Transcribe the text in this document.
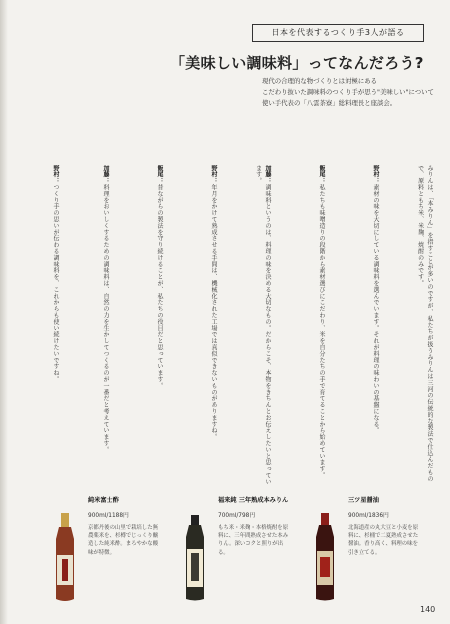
日本を代表するつくり手3人が語る
「美味しい調味料」ってなんだろう?
現代の合理的な物づくりとは対極にある
こだわり抜いた調味料のつくり手が思う"美味しい"について
使い手代表の「八雲茶寮」総料理長と座談会。
みりんは、「本みりん」を指すことが多いのですが、私たちが扱うみりんは三河の伝統的な製法で仕込んだもので、原料ともち米、米麹、焼酎のみです。
野村：素材の味を大切にしている調味料を選んでいます。それが料理の味わいの基盤になる。
飯尾：私たちも味噌造りの段階から素材選びにこだわり、米を自分たちの手で育てることから始めています。
加藤：調味料というのは、料理の味を決める大切なもの。だからこそ、本物をきちんとお伝えしたいと思っています。
野村：年月をかけて熟成させる手間は、機械化された工場では真似できないものがありますね。
飯尾：昔ながらの製法を守り続けることが、私たちの役目だと思っています。
加藤：料理をおいしくするための調味料は、自然の力を生かしてつくるのが一番だと考えています。
野村：つくり手の思いが伝わる調味料を、これからも使い続けたいですね。
純米富士酢
900ml/1188円
京都丹後の山里で栽培した無農薬米を、杉樽でじっくり醸造した純米酢。まろやかな酸味が特徴。
福来純 三年熟成本みりん
700ml/798円
もち米・米麹・本格焼酎を原料に、三年間熟成させた本みりん。深いコクと照りが出る。
三ツ星醤油
900ml/1836円
北海道産の丸大豆と小麦を原料に、杉桶で二夏熟成させた醤油。香り高く、料理の味を引き立てる。
140
